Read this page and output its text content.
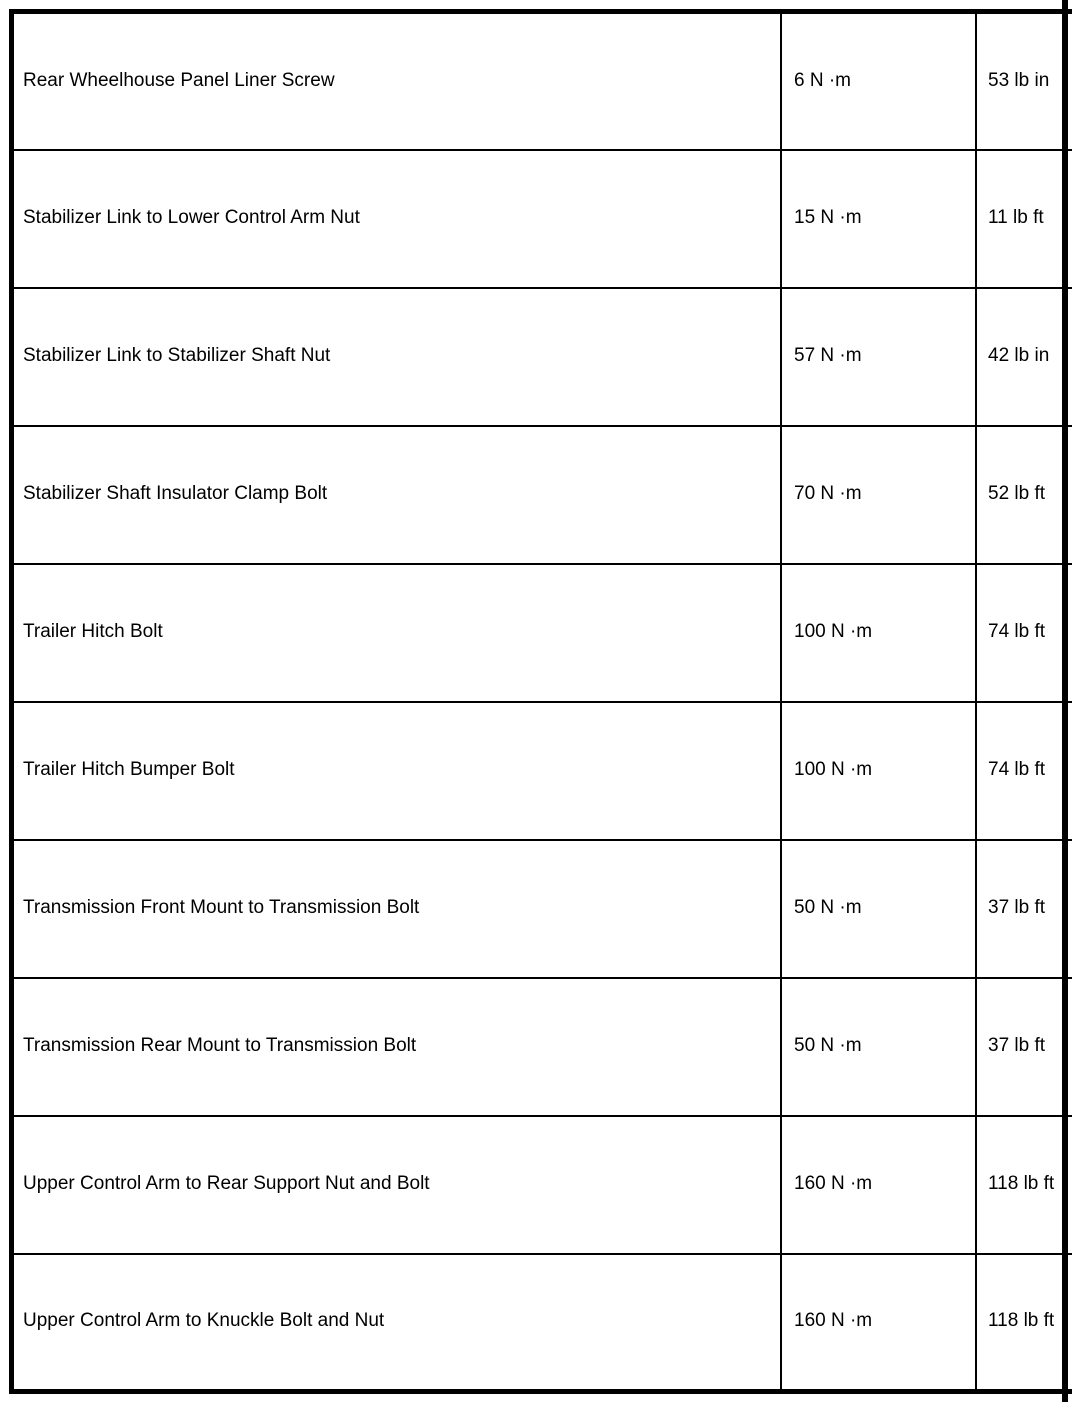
Rear Wheelhouse Panel Liner Screw	6 N ·m	53 lb in
Stabilizer Link to Lower Control Arm Nut	15 N ·m	11 lb ft
Stabilizer Link to Stabilizer Shaft Nut	57 N ·m	42 lb in
Stabilizer Shaft Insulator Clamp Bolt	70 N ·m	52 lb ft
Trailer Hitch Bolt	100 N ·m	74 lb ft
Trailer Hitch Bumper Bolt	100 N ·m	74 lb ft
Transmission Front Mount to Transmission Bolt	50 N ·m	37 lb ft
Transmission Rear Mount to Transmission Bolt	50 N ·m	37 lb ft
Upper Control Arm to Rear Support Nut and Bolt	160 N ·m	118 lb ft
Upper Control Arm to Knuckle Bolt and Nut	160 N ·m	118 lb ft
